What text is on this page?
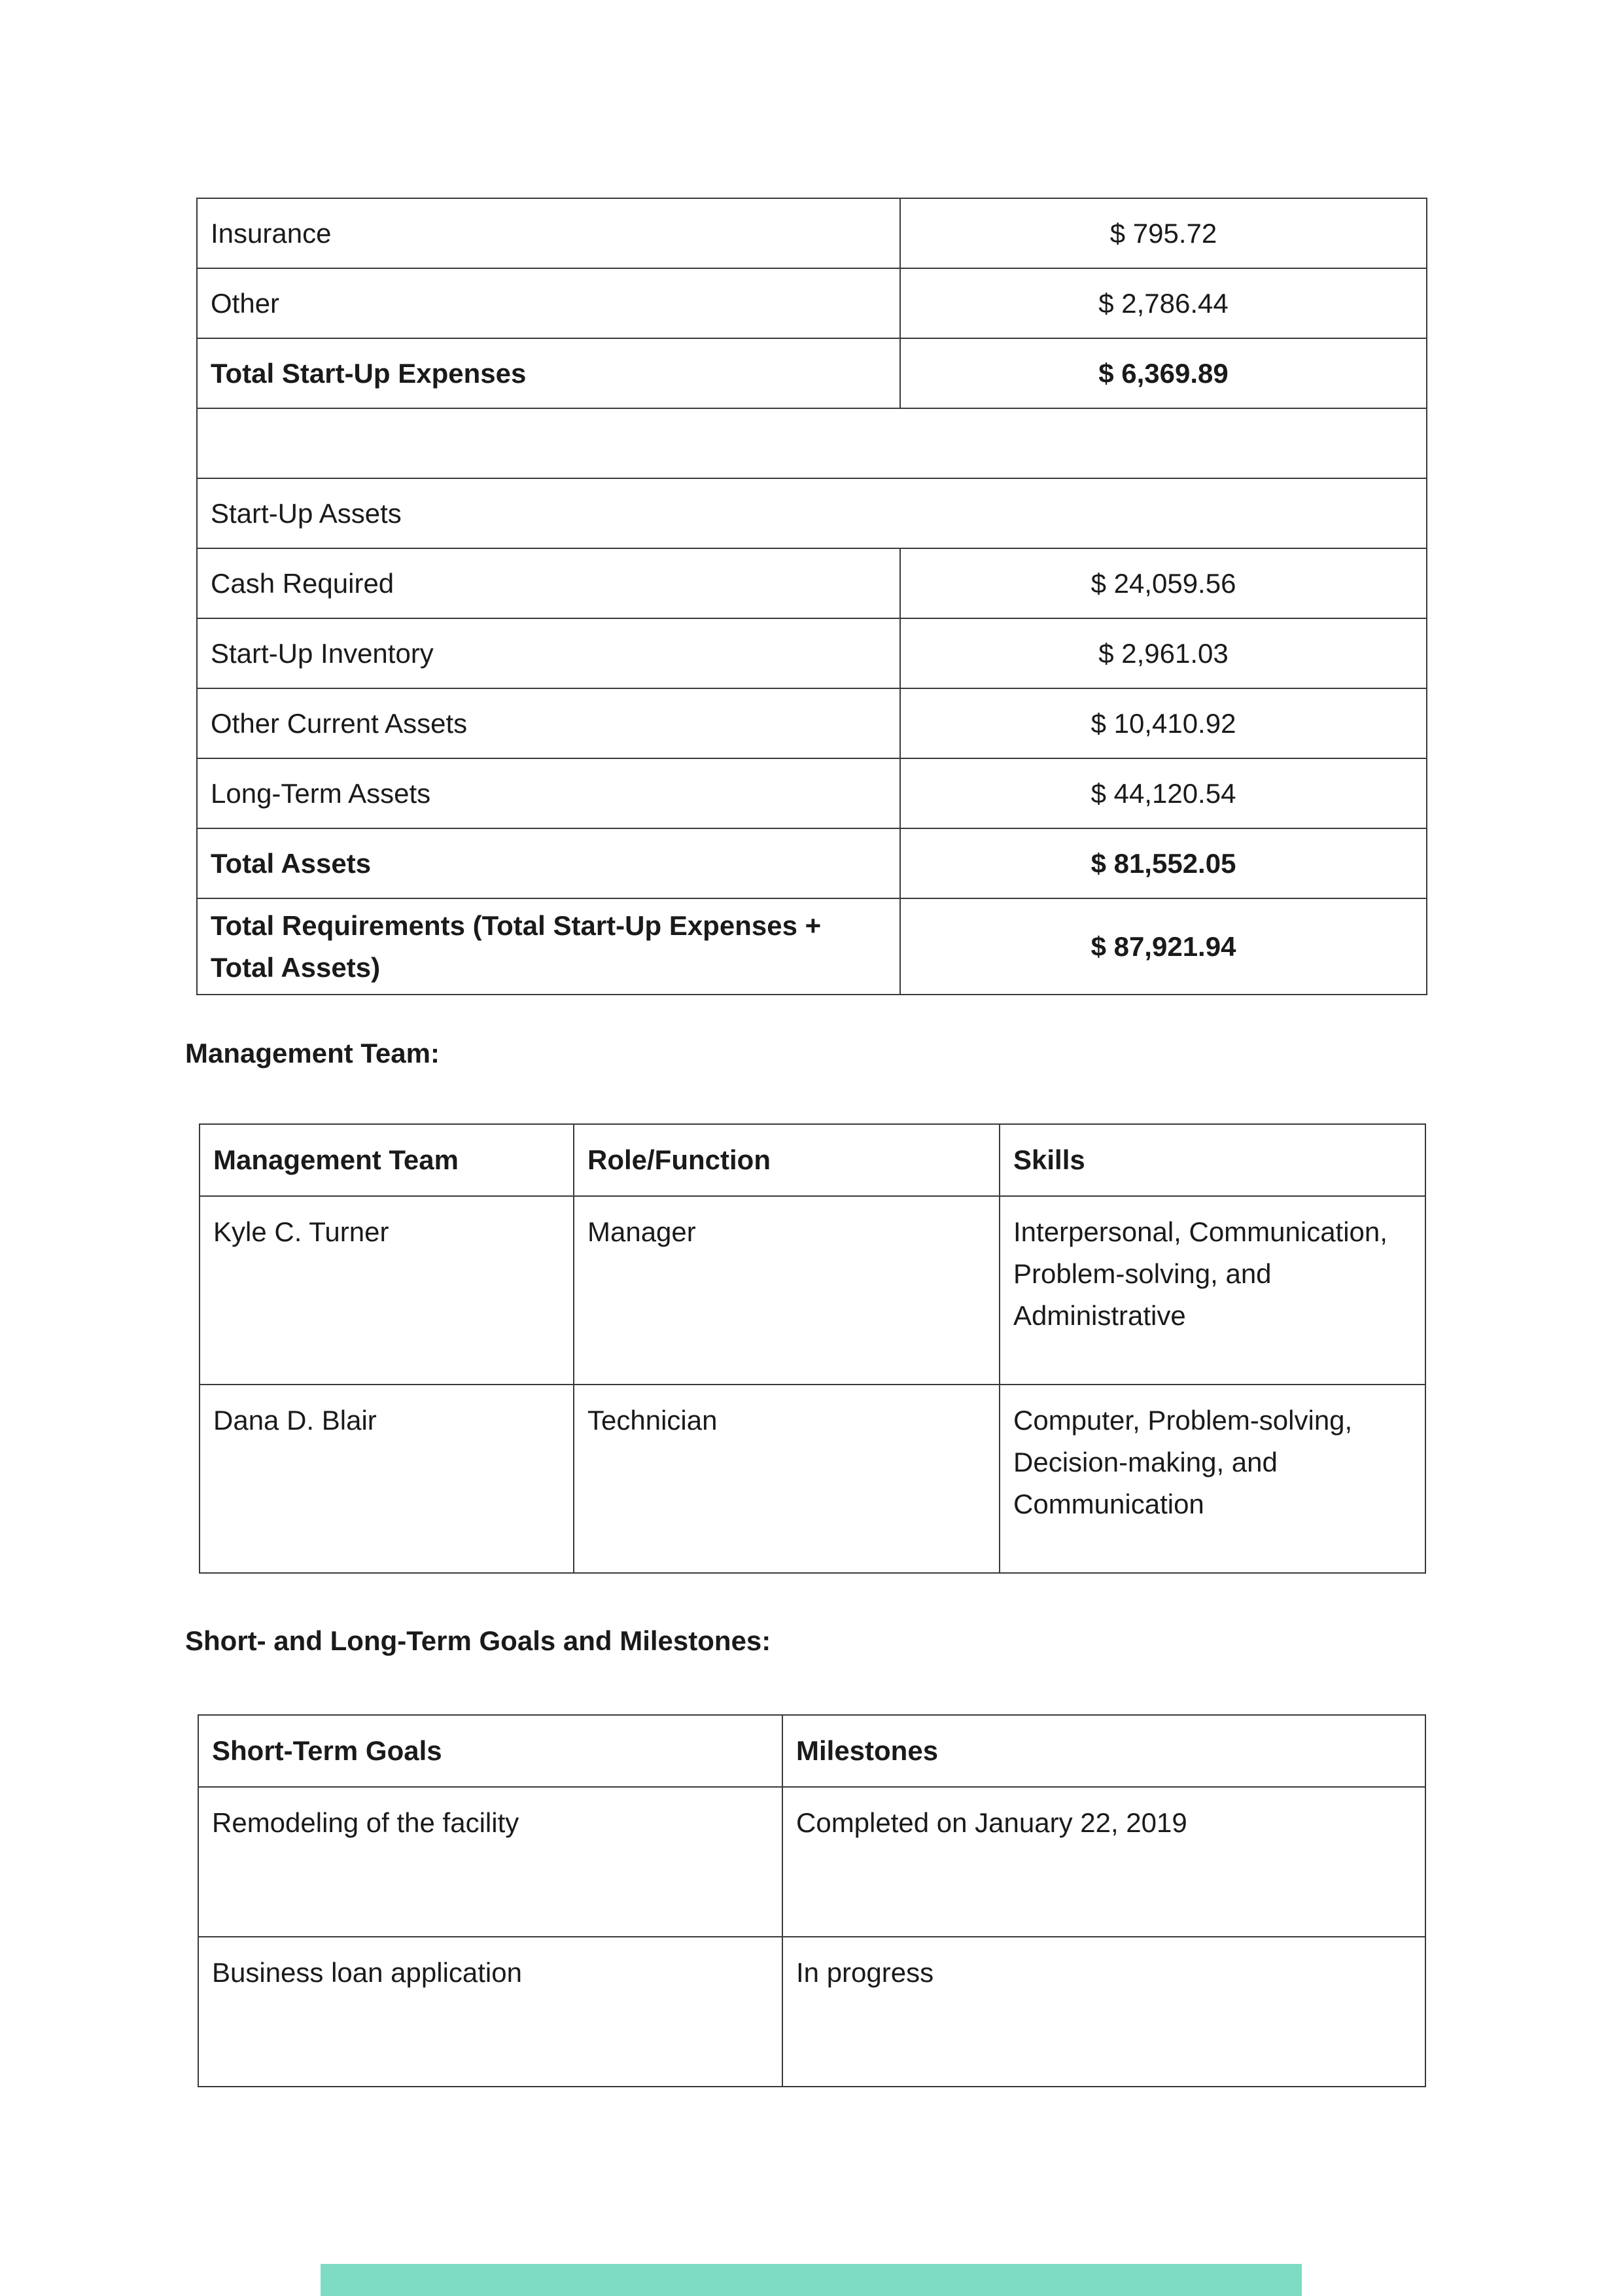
Insurance	$ 795.72
Other	$ 2,786.44
Total Start-Up Expenses	$ 6,369.89

Start-Up Assets	
Cash Required	$ 24,059.56
Start-Up Inventory	$ 2,961.03
Other Current Assets	$ 10,410.92
Long-Term Assets	$ 44,120.54
Total Assets	$ 81,552.05
Total Requirements (Total Start-Up Expenses + Total Assets)	$ 87,921.94
Management Team:
Management Team	Role/Function	Skills
Kyle C. Turner	Manager	Interpersonal, Communication, Problem-solving, and Administrative
Dana D. Blair	Technician	Computer, Problem-solving, Decision-making, and Communication
Short- and Long-Term Goals and Milestones:
Short-Term Goals	Milestones
Remodeling of the facility	Completed on January 22, 2019
Business loan application	In progress
